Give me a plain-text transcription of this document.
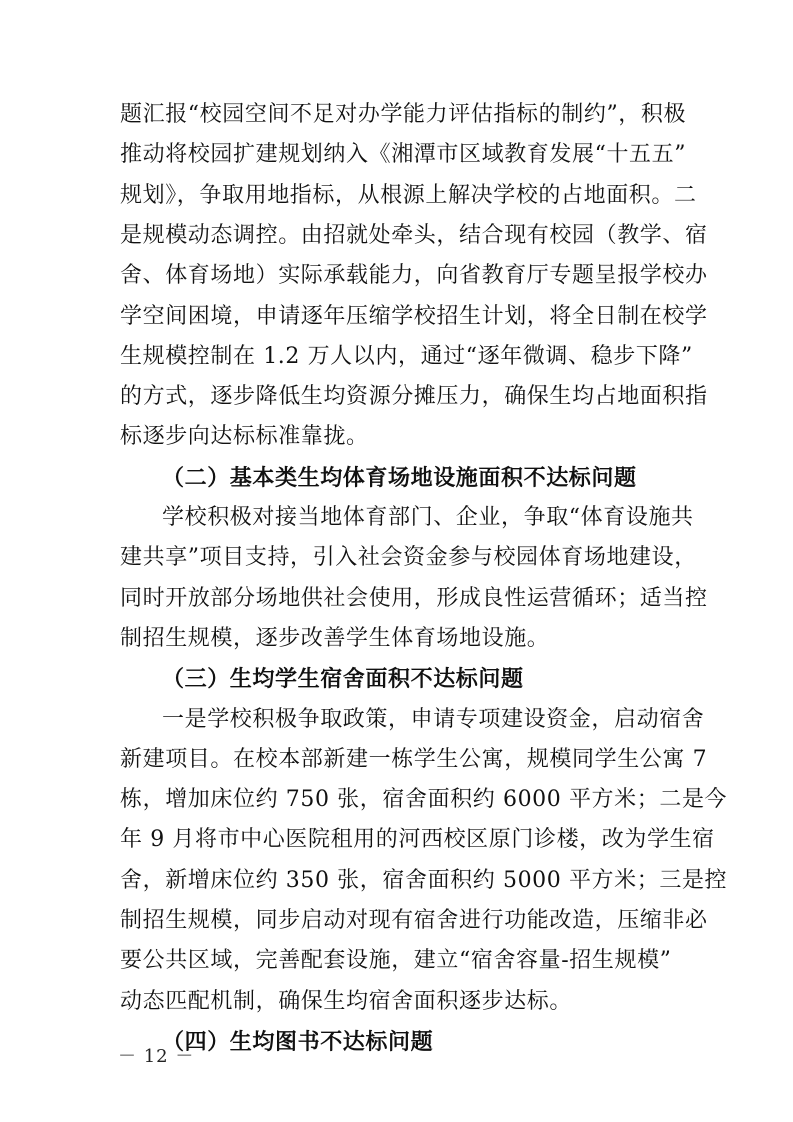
题汇报“校园空间不足对办学能力评估指标的制约”，积极
推动将校园扩建规划纳入《湘潭市区域教育发展“十五五”
规划》，争取用地指标，从根源上解决学校的占地面积。二
是规模动态调控。由招就处牵头，结合现有校园（教学、宿
舍、体育场地）实际承载能力，向省教育厅专题呈报学校办
学空间困境，申请逐年压缩学校招生计划，将全日制在校学
生规模控制在 1.2 万人以内，通过“逐年微调、稳步下降”
的方式，逐步降低生均资源分摊压力，确保生均占地面积指
标逐步向达标标准靠拢。
（二）基本类生均体育场地设施面积不达标问题
学校积极对接当地体育部门、企业，争取“体育设施共
建共享”项目支持，引入社会资金参与校园体育场地建设，
同时开放部分场地供社会使用，形成良性运营循环；适当控
制招生规模，逐步改善学生体育场地设施。
（三）生均学生宿舍面积不达标问题
一是学校积极争取政策，申请专项建设资金，启动宿舍
新建项目。在校本部新建一栋学生公寓，规模同学生公寓 7
栋，增加床位约 750 张，宿舍面积约 6000 平方米；二是今
年 9 月将市中心医院租用的河西校区原门诊楼，改为学生宿
舍，新增床位约 350 张，宿舍面积约 5000 平方米；三是控
制招生规模，同步启动对现有宿舍进行功能改造，压缩非必
要公共区域，完善配套设施，建立“宿舍容量-招生规模”
动态匹配机制，确保生均宿舍面积逐步达标。
（四）生均图书不达标问题
－ 12 －
